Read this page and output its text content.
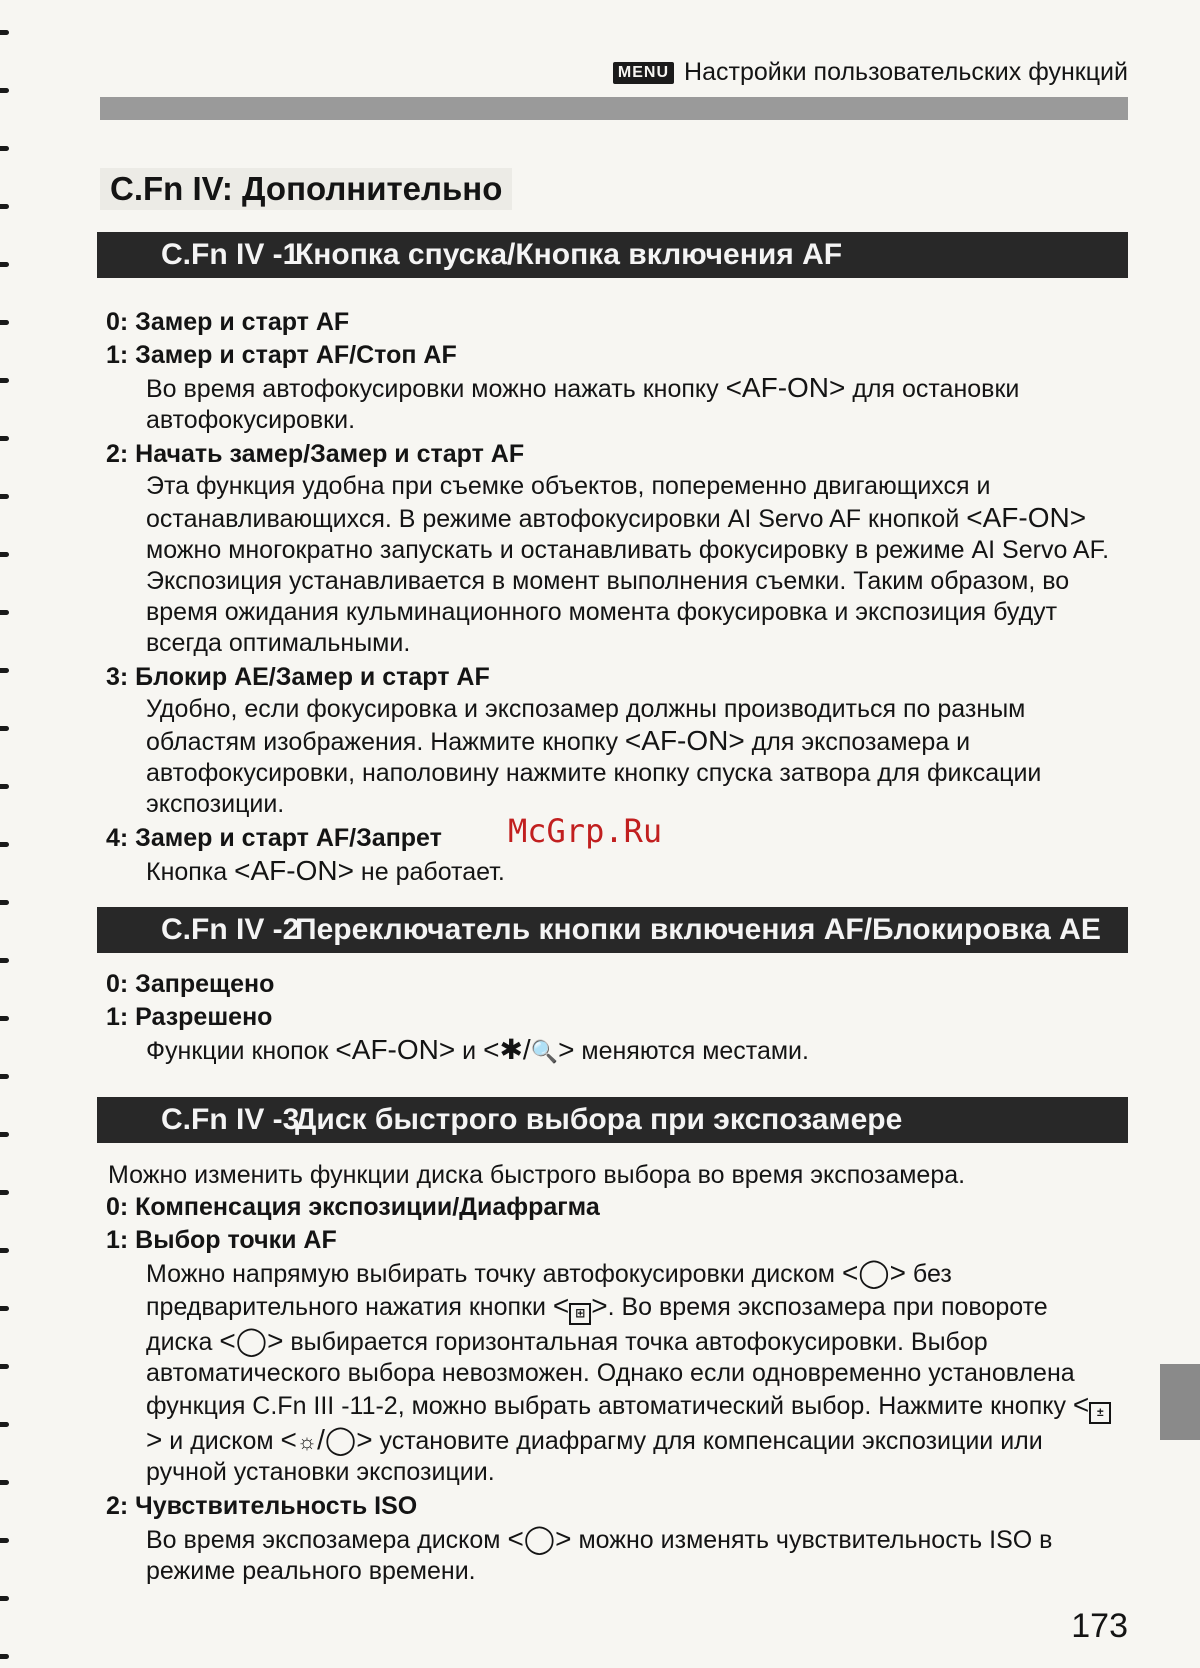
MENU Настройки пользовательских функций
C.Fn IV: Дополнительно
C.Fn IV -1
Кнопка спуска/Кнопка включения AF

0: Замер и старт AF

1: Замер и старт AF/Стоп AF

Во время автофокусировки можно нажать кнопку <AF-ON> для остановки автофокусировки.

2: Начать замер/Замер и старт AF

Эта функция удобна при съемке объектов, попеременно двигающихся и останавливающихся. В режиме автофокусировки AI Servo AF кнопкой <AF-ON> можно многократно запускать и останавливать фокусировку в режиме AI Servo AF. Экспозиция устанавливается в момент выполнения съемки. Таким образом, во время ожидания кульминационного момента фокусировка и экспозиция будут всегда оптимальными.

3: Блокир AE/Замер и старт AF

Удобно, если фокусировка и экспозамер должны производиться по разным областям изображения. Нажмите кнопку <AF-ON> для экспозамера и автофокусировки, наполовину нажмите кнопку спуска затвора для фиксации экспозиции.

4: Замер и старт AF/Запрет

Кнопка <AF-ON> не работает.

C.Fn IV -2
Переключатель кнопки включения AF/Блокировка AE

0: Запрещено

1: Разрешено

Функции кнопок <AF-ON> и <✱/🔍> меняются местами.

C.Fn IV -3
Диск быстрого выбора при экспозамере

Можно изменить функции диска быстрого выбора во время экспозамера.

0: Компенсация экспозиции/Диафрагма

1: Выбор точки AF

Можно напрямую выбирать точку автофокусировки диском <◯> без предварительного нажатия кнопки < ⊞ >. Во время экспозамера при повороте диска <◯> выбирается горизонтальная точка автофокусировки. Выбор автоматического выбора невозможен. Однако если одновременно установлена функция C.Fn III -11-2, можно выбрать автоматический выбор. Нажмите кнопку < ±> и диском <☼/◯> установите диафрагму для компенсации экспозиции или ручной установки экспозиции.

2: Чувствительность ISO

Во время экспозамера диском <◯> можно изменять чувствительность ISO в режиме реального времени.

McGrp.Ru
173
